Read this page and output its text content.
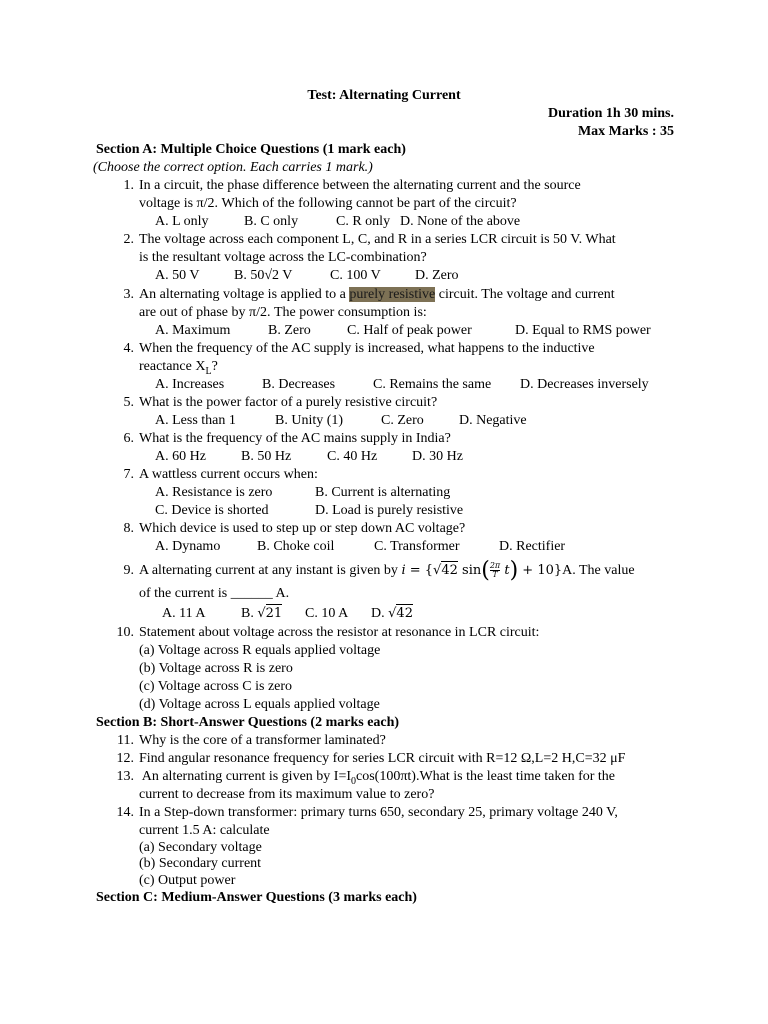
Test: Alternating Current
Duration 1h 30 mins.
Max Marks : 35
Section A: Multiple Choice Questions (1 mark each)
(Choose the correct option. Each carries 1 mark.)
1. In a circuit, the phase difference between the alternating current and the source
voltage is π/2. Which of the following cannot be part of the circuit?
A. L only	B. C only	C. R only D. None of the above
2. The voltage across each component L, C, and R in a series LCR circuit is 50 V. What
is the resultant voltage across the LC-combination?
A. 50 V B. 50√2 V	C. 100 V D. Zero
3. An alternating voltage is applied to a purely resistive circuit. The voltage and current
are out of phase by π/2. The power consumption is:
A. Maximum	B. Zero	C. Half of peak power	D. Equal to RMS power
4. When the frequency of the AC supply is increased, what happens to the inductive
reactance $X_L$?
A. Increases	B. Decreases	C. Remains the same D. Decreases inversely
5. What is the power factor of a purely resistive circuit?
A. Less than 1	B. Unity (1)	C. Zero	D. Negative
6. What is the frequency of the AC mains supply in India?
A. 60 Hz	B. 50 Hz	C. 40 Hz D. 30 Hz
7. A wattless current occurs when:
A. Resistance is zero	B. Current is alternating
C. Device is shorted	D. Load is purely resistive
8. Which device is used to step up or step down AC voltage?
A. Dynamo	B. Choke coil	C. Transformer	D. Rectifier
9. A alternating current at any instant is given by i = {√42 $\sin( \frac{2\pi}{T} t) + 10\}A$. The value
of the current is ______ A.
A. 11 A	B. √21 C. 10 A D. √42
10. Statement about voltage across the resistor at resonance in LCR circuit:
(a) Voltage across R equals applied voltage
(b) Voltage across R is zero
(c) Voltage across C is zero
(d) Voltage across L equals applied voltage
Section B: Short-Answer Questions (2 marks each)
11. Why is the core of a transformer laminated?
12. Find angular resonance frequency for series LCR circuit with R=12 Ω,L=2 H,C=32 μF
13. An alternating current is given by $I=I_0\cos(100\pi t).What$ is the least time taken for the
current to decrease from its maximum value to zero?
14. In a Step-down transformer: primary turns 650, secondary 25, primary voltage 240 V,
current 1.5 A: calculate
(a) Secondary voltage
(b) Secondary current
(c) Output power
Section C: Medium-Answer Questions (3 marks each)
